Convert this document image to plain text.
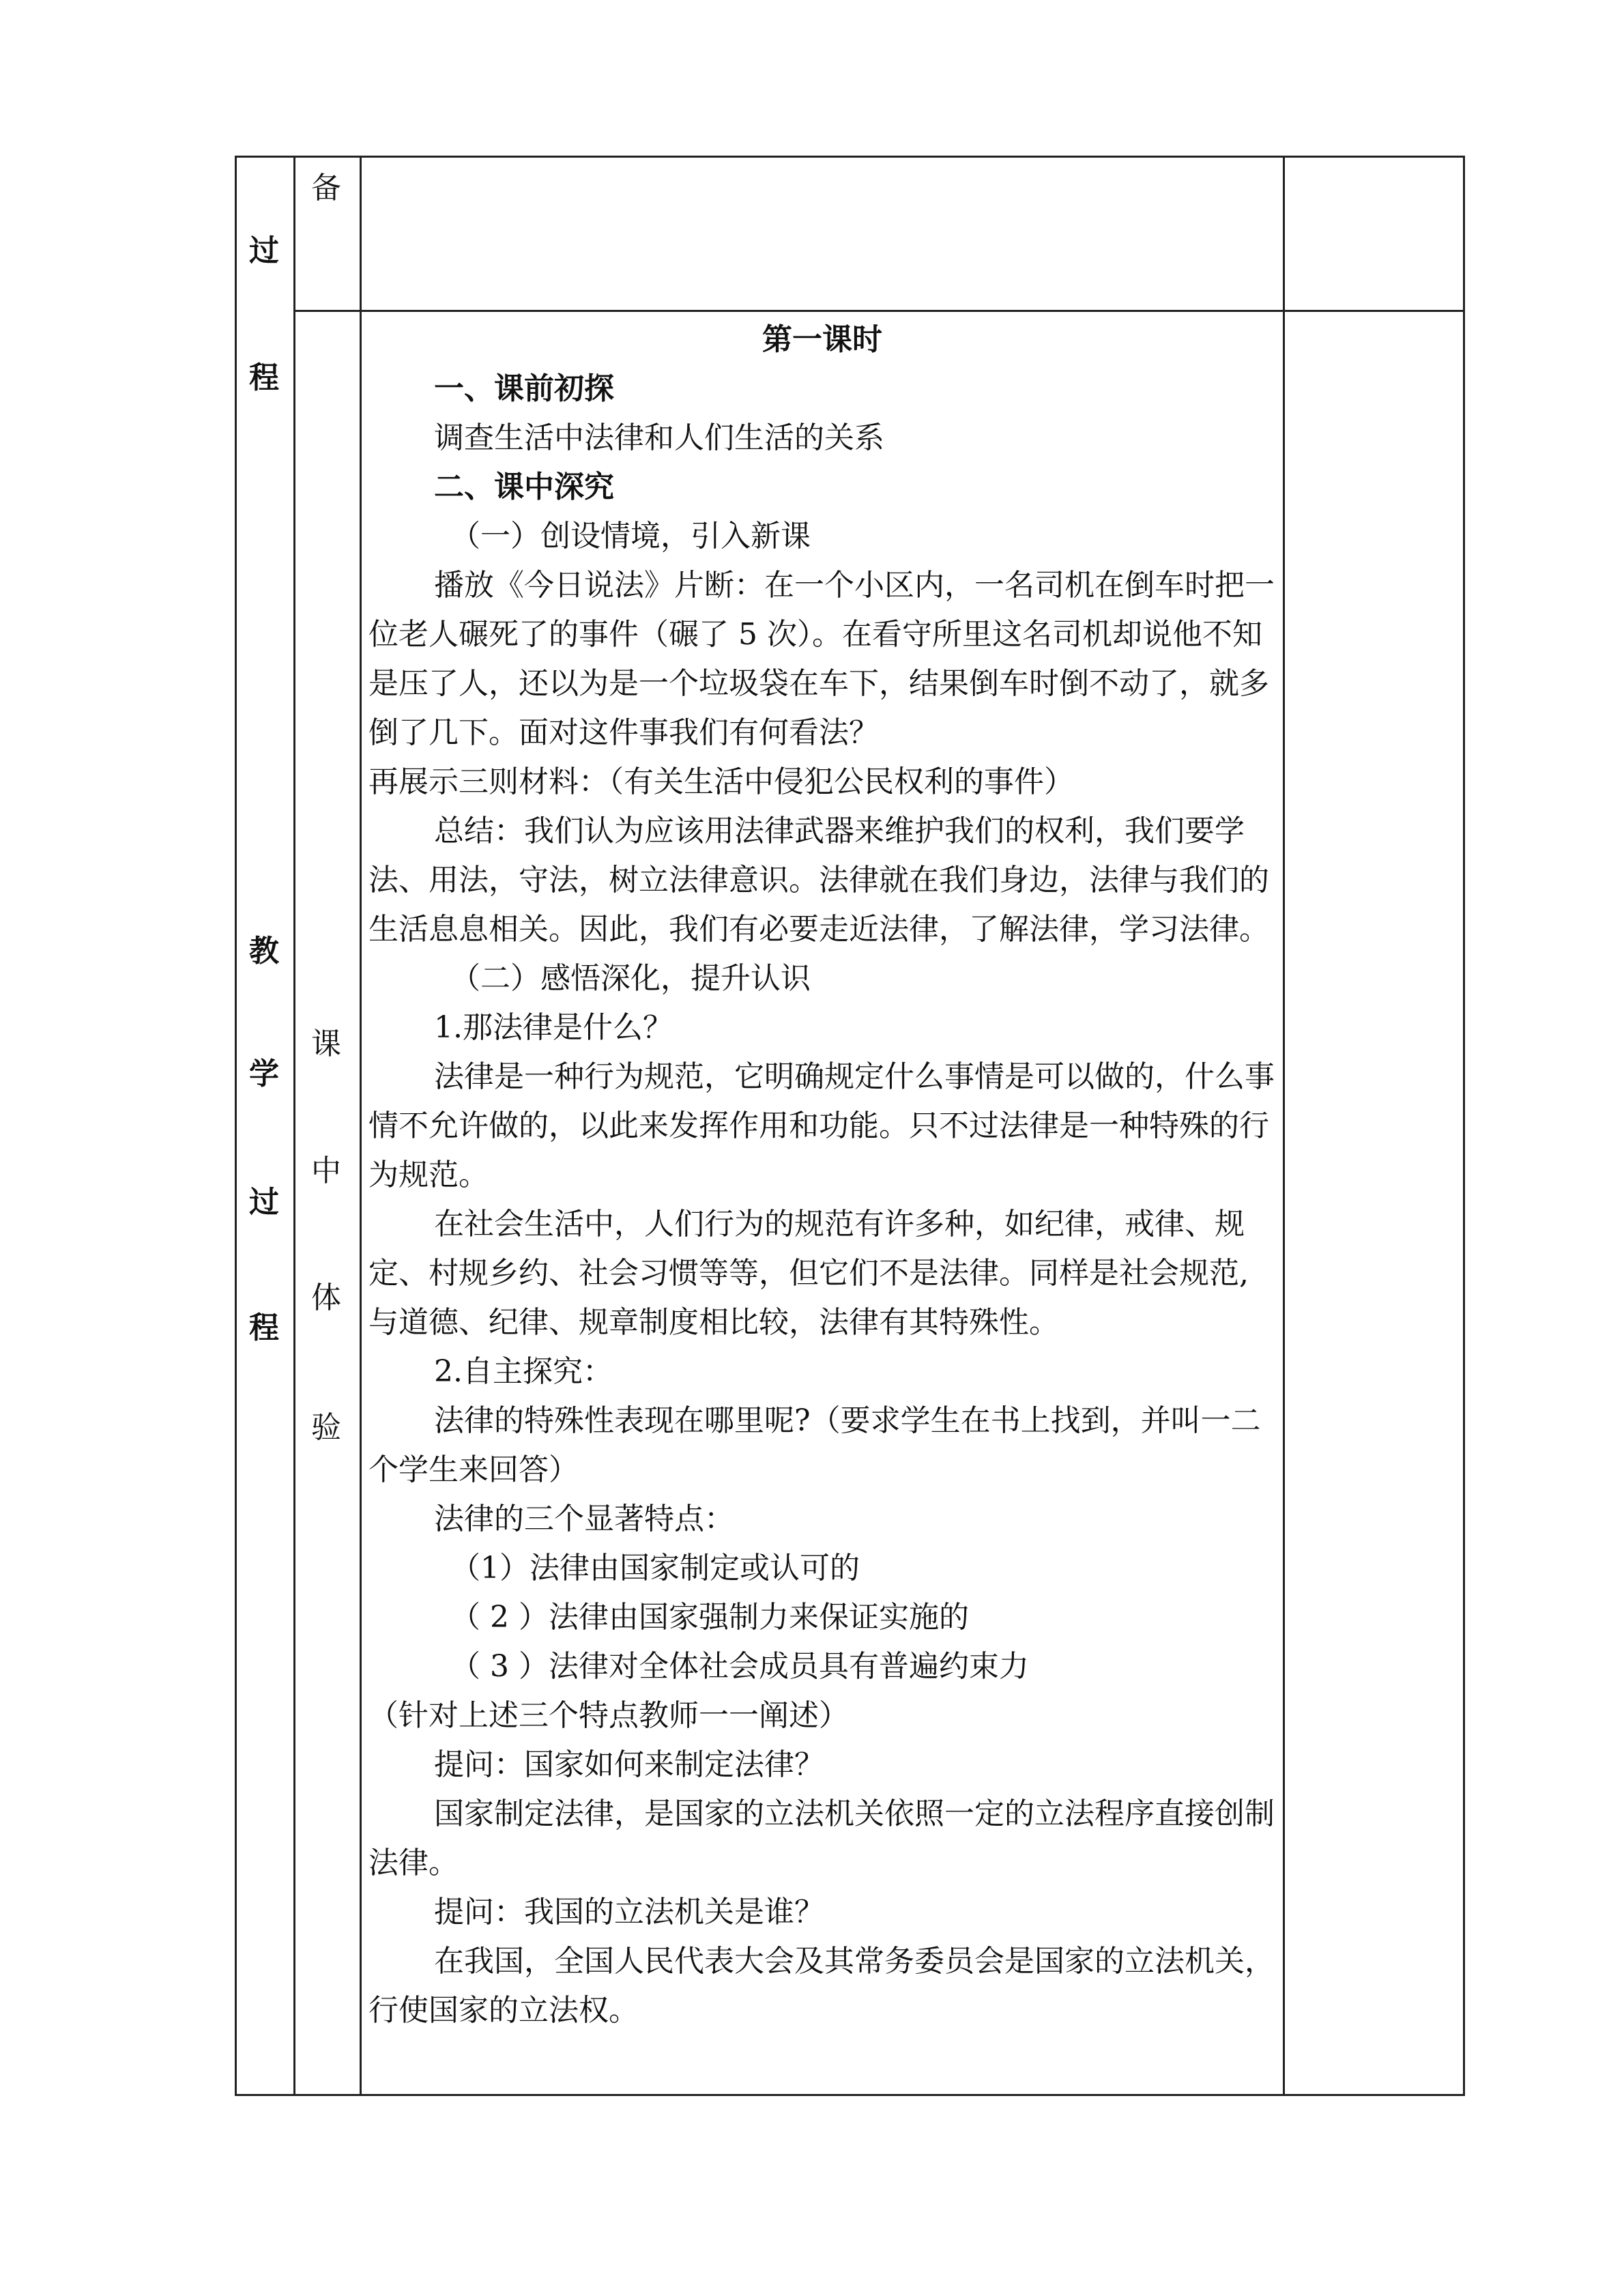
过
程
教
学
过
程
备
课
中
体
验
第一课时
一、课前初探
调查生活中法律和人们生活的关系
二、课中深究
（一）创设情境，引入新课
播放《今日说法》片断：在一个小区内，一名司机在倒车时把一位老人碾死了的事件（碾了 5 次）。在看守所里这名司机却说他不知是压了人，还以为是一个垃圾袋在车下，结果倒车时倒不动了，就多倒了几下。面对这件事我们有何看法？
再展示三则材料：（有关生活中侵犯公民权利的事件）
总结：我们认为应该用法律武器来维护我们的权利，我们要学法、用法，守法，树立法律意识。法律就在我们身边，法律与我们的生活息息相关。因此，我们有必要走近法律，了解法律，学习法律。
（二）感悟深化，提升认识
1.那法律是什么？
法律是一种行为规范，它明确规定什么事情是可以做的，什么事情不允许做的，以此来发挥作用和功能。只不过法律是一种特殊的行为规范。
在社会生活中，人们行为的规范有许多种，如纪律，戒律、规定、村规乡约、社会习惯等等，但它们不是法律。同样是社会规范,与道德、纪律、规章制度相比较，法律有其特殊性。
2.自主探究：
法律的特殊性表现在哪里呢?（要求学生在书上找到，并叫一二个学生来回答）
法律的三个显著特点：
（1）法律由国家制定或认可的
（ 2 ）法律由国家强制力来保证实施的
（ 3 ）法律对全体社会成员具有普遍约束力
（针对上述三个特点教师一一阐述）
提问：国家如何来制定法律？
国家制定法律，是国家的立法机关依照一定的立法程序直接创制法律。
提问：我国的立法机关是谁？
在我国，全国人民代表大会及其常务委员会是国家的立法机关，行使国家的立法权。
